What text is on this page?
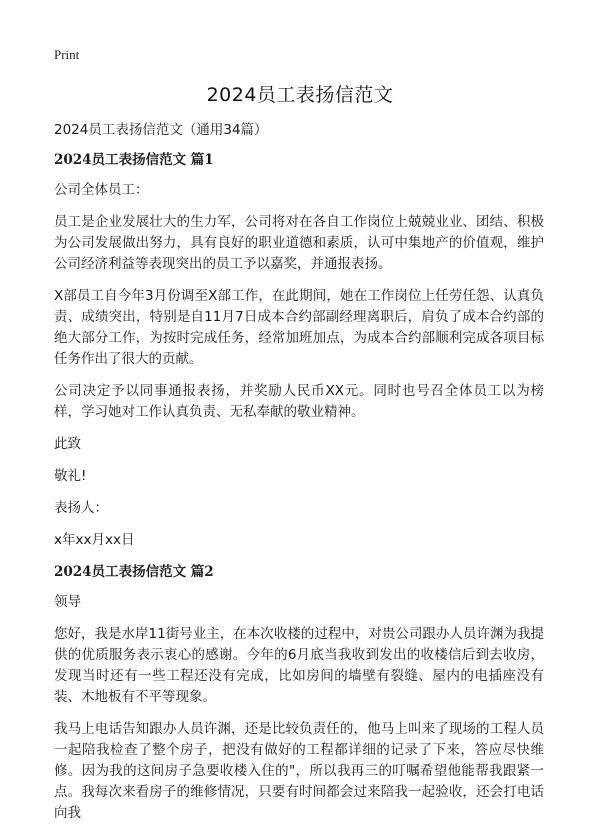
Print
2024员工表扬信范文

2024员工表扬信范文（通用34篇）

2024员工表扬信范文 篇1

公司全体员工：

员工是企业发展壮大的生力军，公司将对在各自工作岗位上兢兢业业、团结、积极为公司发展做出努力，具有良好的职业道德和素质，认可中集地产的价值观，维护公司经济利益等表现突出的员工予以嘉奖，并通报表扬。

X部员工自今年3月份调至X部工作，在此期间，她在工作岗位上任劳任怨、认真负责、成绩突出，特别是自11月7日成本合约部副经理离职后，肩负了成本合约部的绝大部分工作，为按时完成任务，经常加班加点，为成本合约部顺利完成各项目标任务作出了很大的贡献。

公司决定予以同事通报表扬，并奖励人民币XX元。同时也号召全体员工以为榜样，学习她对工作认真负责、无私奉献的敬业精神。

此致

敬礼!

表扬人：

x年xx月xx日

2024员工表扬信范文 篇2

领导

您好，我是水岸11街号业主，在本次收楼的过程中，对贵公司跟办人员许渊为我提供的优质服务表示衷心的感谢。今年的6月底当我收到发出的收楼信后到去收房，发现当时还有一些工程还没有完成，比如房间的墙壁有裂缝、屋内的电插座没有装、木地板有不平等现象。

我马上电话告知跟办人员许渊，还是比较负责任的，他马上叫来了现场的工程人员一起陪我检查了整个房子，把没有做好的工程都详细的记录了下来，答应尽快维修。因为我的这间房子急要收楼入住的"，所以我再三的叮嘱希望他能帮我跟紧一点。我每次来看房子的维修情况，只要有时间都会过来陪我一起验收，还会打电话向我
